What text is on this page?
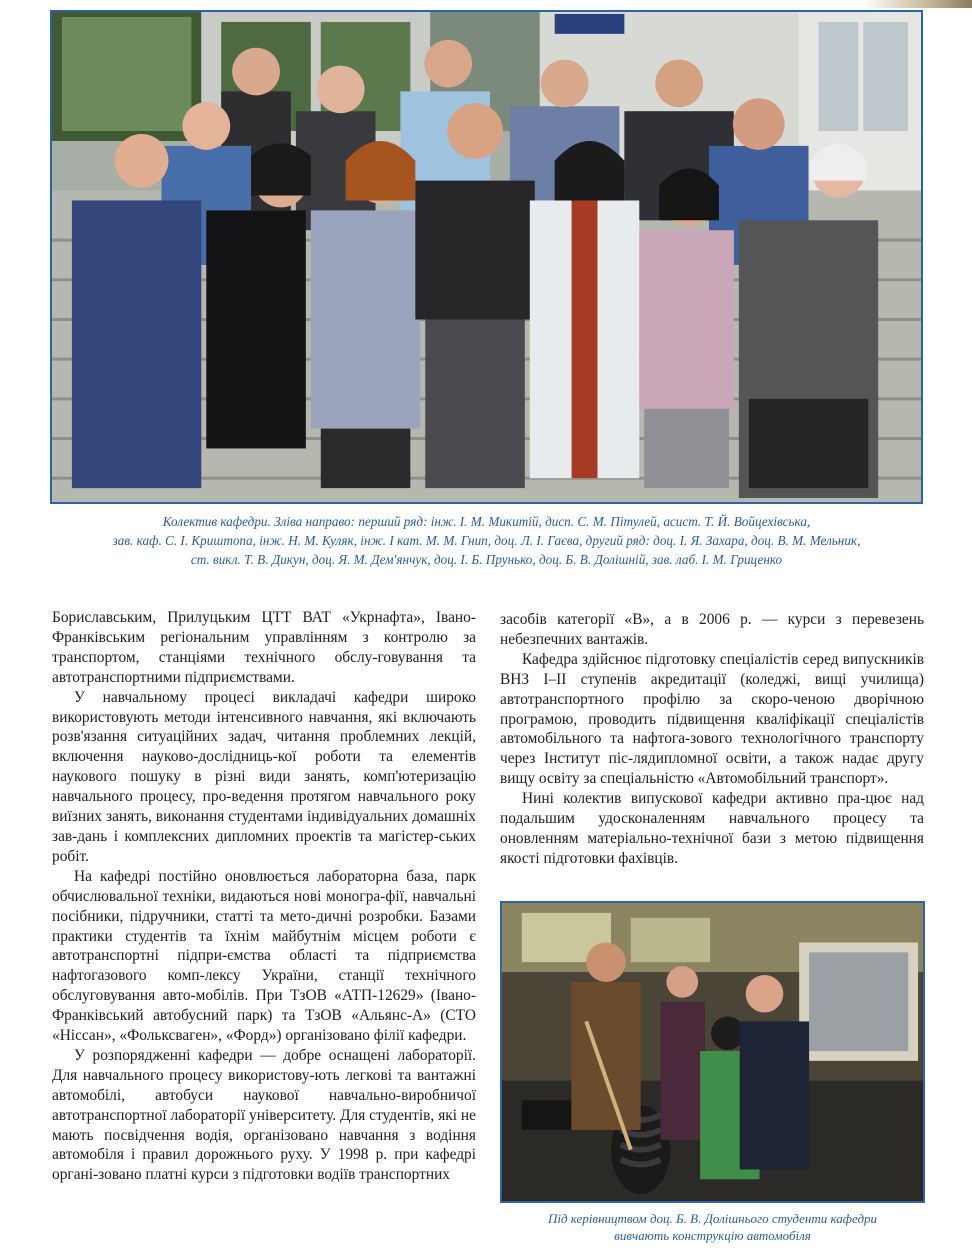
Колектив кафедри. Зліва направо: перший ряд: інж. І. М. Микитій, дисп. С. М. Пітулей, асист. Т. Й. Войцехівська,
зав. каф. С. І. Криштопа, інж. Н. М. Куляк, інж. І кат. М. М. Гнип, доц. Л. І. Гаєва, другий ряд: доц. І. Я. Захара, доц. В. М. Мельник,
ст. викл. Т. В. Дикун, доц. Я. М. Дем'янчук, доц. І. Б. Прунько, доц. Б. В. Долішній, зав. лаб. І. М. Гриценко

Бориславським, Прилуцьким ЦТТ ВАТ «Укрнафта», Івано-Франківським регіональним управлінням з контролю за транспортом, станціями технічного обслу-говування та автотранспортними підприємствами.

У навчальному процесі викладачі кафедри широко використовують методи інтенсивного навчання, які включають розв'язання ситуаційних задач, читання проблемних лекцій, включення науково-дослідниць-кої роботи та елементів наукового пошуку в різні види занять, комп'ютеризацію навчального процесу, про-ведення протягом навчального року виїзних занять, виконання студентами індивідуальних домашніх зав-дань і комплексних дипломних проектів та магістер-ських робіт.

На кафедрі постійно оновлюється лабораторна база, парк обчислювальної техніки, видаються нові моногра-фії, навчальні посібники, підручники, статті та мето-дичні розробки. Базами практики студентів та їхнім майбутнім місцем роботи є автотранспортні підпри-ємства області та підприємства нафтогазового комп-лексу України, станції технічного обслуговування авто-мобілів. При ТзОВ «АТП-12629» (Івано-Франківський автобусний парк) та ТзОВ «Альянс-А» (СТО «Ніссан», «Фольксваген», «Форд») організовано філії кафедри.

У розпорядженні кафедри — добре оснащені лабораторії. Для навчального процесу використову-ють легкові та вантажні автомобілі, автобуси наукової навчально-виробничої автотранспортної лабораторії університету. Для студентів, які не мають посвідчення водія, організовано навчання з водіння автомобіля і правил дорожнього руху. У 1998 р. при кафедрі органі-зовано платні курси з підготовки водіїв транспортних

засобів категорії «В», а в 2006 р. — курси з перевезень небезпечних вантажів.

Кафедра здійснює підготовку спеціалістів серед випускників ВНЗ І–ІІ ступенів акредитації (коледжі, вищі училища) автотранспортного профілю за скоро-ченою дворічною програмою, проводить підвищення кваліфікації спеціалістів автомобільного та нафтога-зового технологічного транспорту через Інститут піс-лядипломної освіти, а також надає другу вищу освіту за спеціальністю «Автомобільний транспорт».

Нині колектив випускової кафедри активно пра-цює над подальшим удосконаленням навчального процесу та оновленням матеріально-технічної бази з метою підвищення якості підготовки фахівців.

Під керівництвом доц. Б. В. Долішнього студенти кафедри
вивчають конструкцію автомобіля
